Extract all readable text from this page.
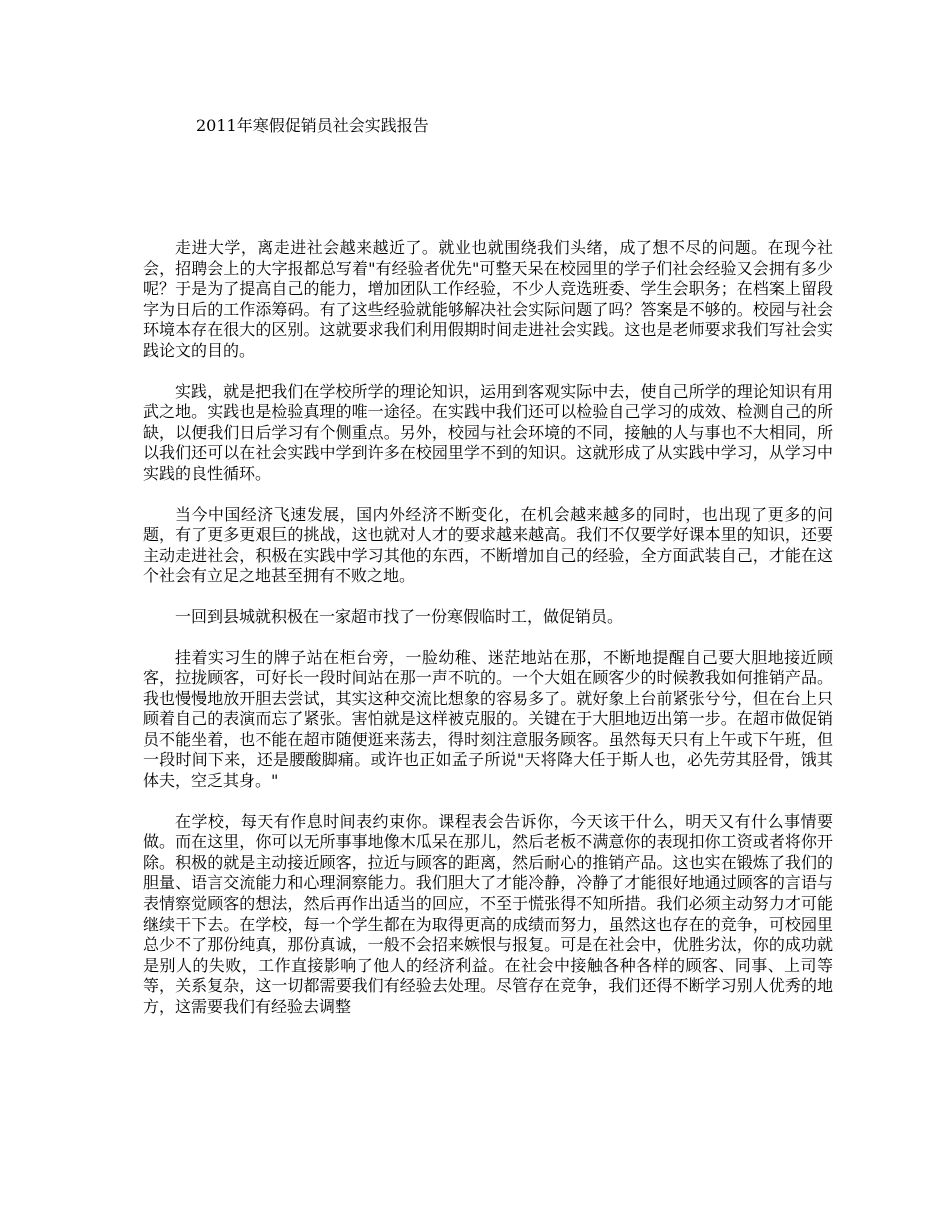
2011年寒假促销员社会实践报告

走进大学，离走进社会越来越近了。就业也就围绕我们头绪，成了想不尽的问题。在现今社会，招聘会上的大字报都总写着"有经验者优先"可整天呆在校园里的学子们社会经验又会拥有多少呢？于是为了提高自己的能力，增加团队工作经验，不少人竞选班委、学生会职务；在档案上留段字为日后的工作添筹码。有了这些经验就能够解决社会实际问题了吗？答案是不够的。校园与社会环境本存在很大的区别。这就要求我们利用假期时间走进社会实践。这也是老师要求我们写社会实践论文的目的。

实践，就是把我们在学校所学的理论知识，运用到客观实际中去，使自己所学的理论知识有用武之地。实践也是检验真理的唯一途径。在实践中我们还可以检验自己学习的成效、检测自己的所缺，以便我们日后学习有个侧重点。另外，校园与社会环境的不同，接触的人与事也不大相同，所以我们还可以在社会实践中学到许多在校园里学不到的知识。这就形成了从实践中学习，从学习中实践的良性循环。

当今中国经济飞速发展，国内外经济不断变化，在机会越来越多的同时，也出现了更多的问题，有了更多更艰巨的挑战，这也就对人才的要求越来越高。我们不仅要学好课本里的知识，还要主动走进社会，积极在实践中学习其他的东西，不断增加自己的经验，全方面武装自己，才能在这个社会有立足之地甚至拥有不败之地。

一回到县城就积极在一家超市找了一份寒假临时工，做促销员。

挂着实习生的牌子站在柜台旁，一脸幼稚、迷茫地站在那，不断地提醒自己要大胆地接近顾客，拉拢顾客，可好长一段时间站在那一声不吭的。一个大姐在顾客少的时候教我如何推销产品。我也慢慢地放开胆去尝试，其实这种交流比想象的容易多了。就好象上台前紧张兮兮，但在台上只顾着自己的表演而忘了紧张。害怕就是这样被克服的。关键在于大胆地迈出第一步。在超市做促销员不能坐着，也不能在超市随便逛来荡去，得时刻注意服务顾客。虽然每天只有上午或下午班，但一段时间下来，还是腰酸脚痛。或许也正如孟子所说"天将降大任于斯人也，必先劳其胫骨，饿其体夫，空乏其身。"

在学校，每天有作息时间表约束你。课程表会告诉你，今天该干什么，明天又有什么事情要做。而在这里，你可以无所事事地像木瓜呆在那儿，然后老板不满意你的表现扣你工资或者将你开除。积极的就是主动接近顾客，拉近与顾客的距离，然后耐心的推销产品。这也实在锻炼了我们的胆量、语言交流能力和心理洞察能力。我们胆大了才能冷静，冷静了才能很好地通过顾客的言语与表情察觉顾客的想法，然后再作出适当的回应，不至于慌张得不知所措。我们必须主动努力才可能继续干下去。在学校，每一个学生都在为取得更高的成绩而努力，虽然这也存在的竞争，可校园里总少不了那份纯真，那份真诚，一般不会招来嫉恨与报复。可是在社会中，优胜劣汰，你的成功就是别人的失败，工作直接影响了他人的经济利益。在社会中接触各种各样的顾客、同事、上司等等，关系复杂，这一切都需要我们有经验去处理。尽管存在竞争，我们还得不断学习别人优秀的地方，这需要我们有经验去调整
